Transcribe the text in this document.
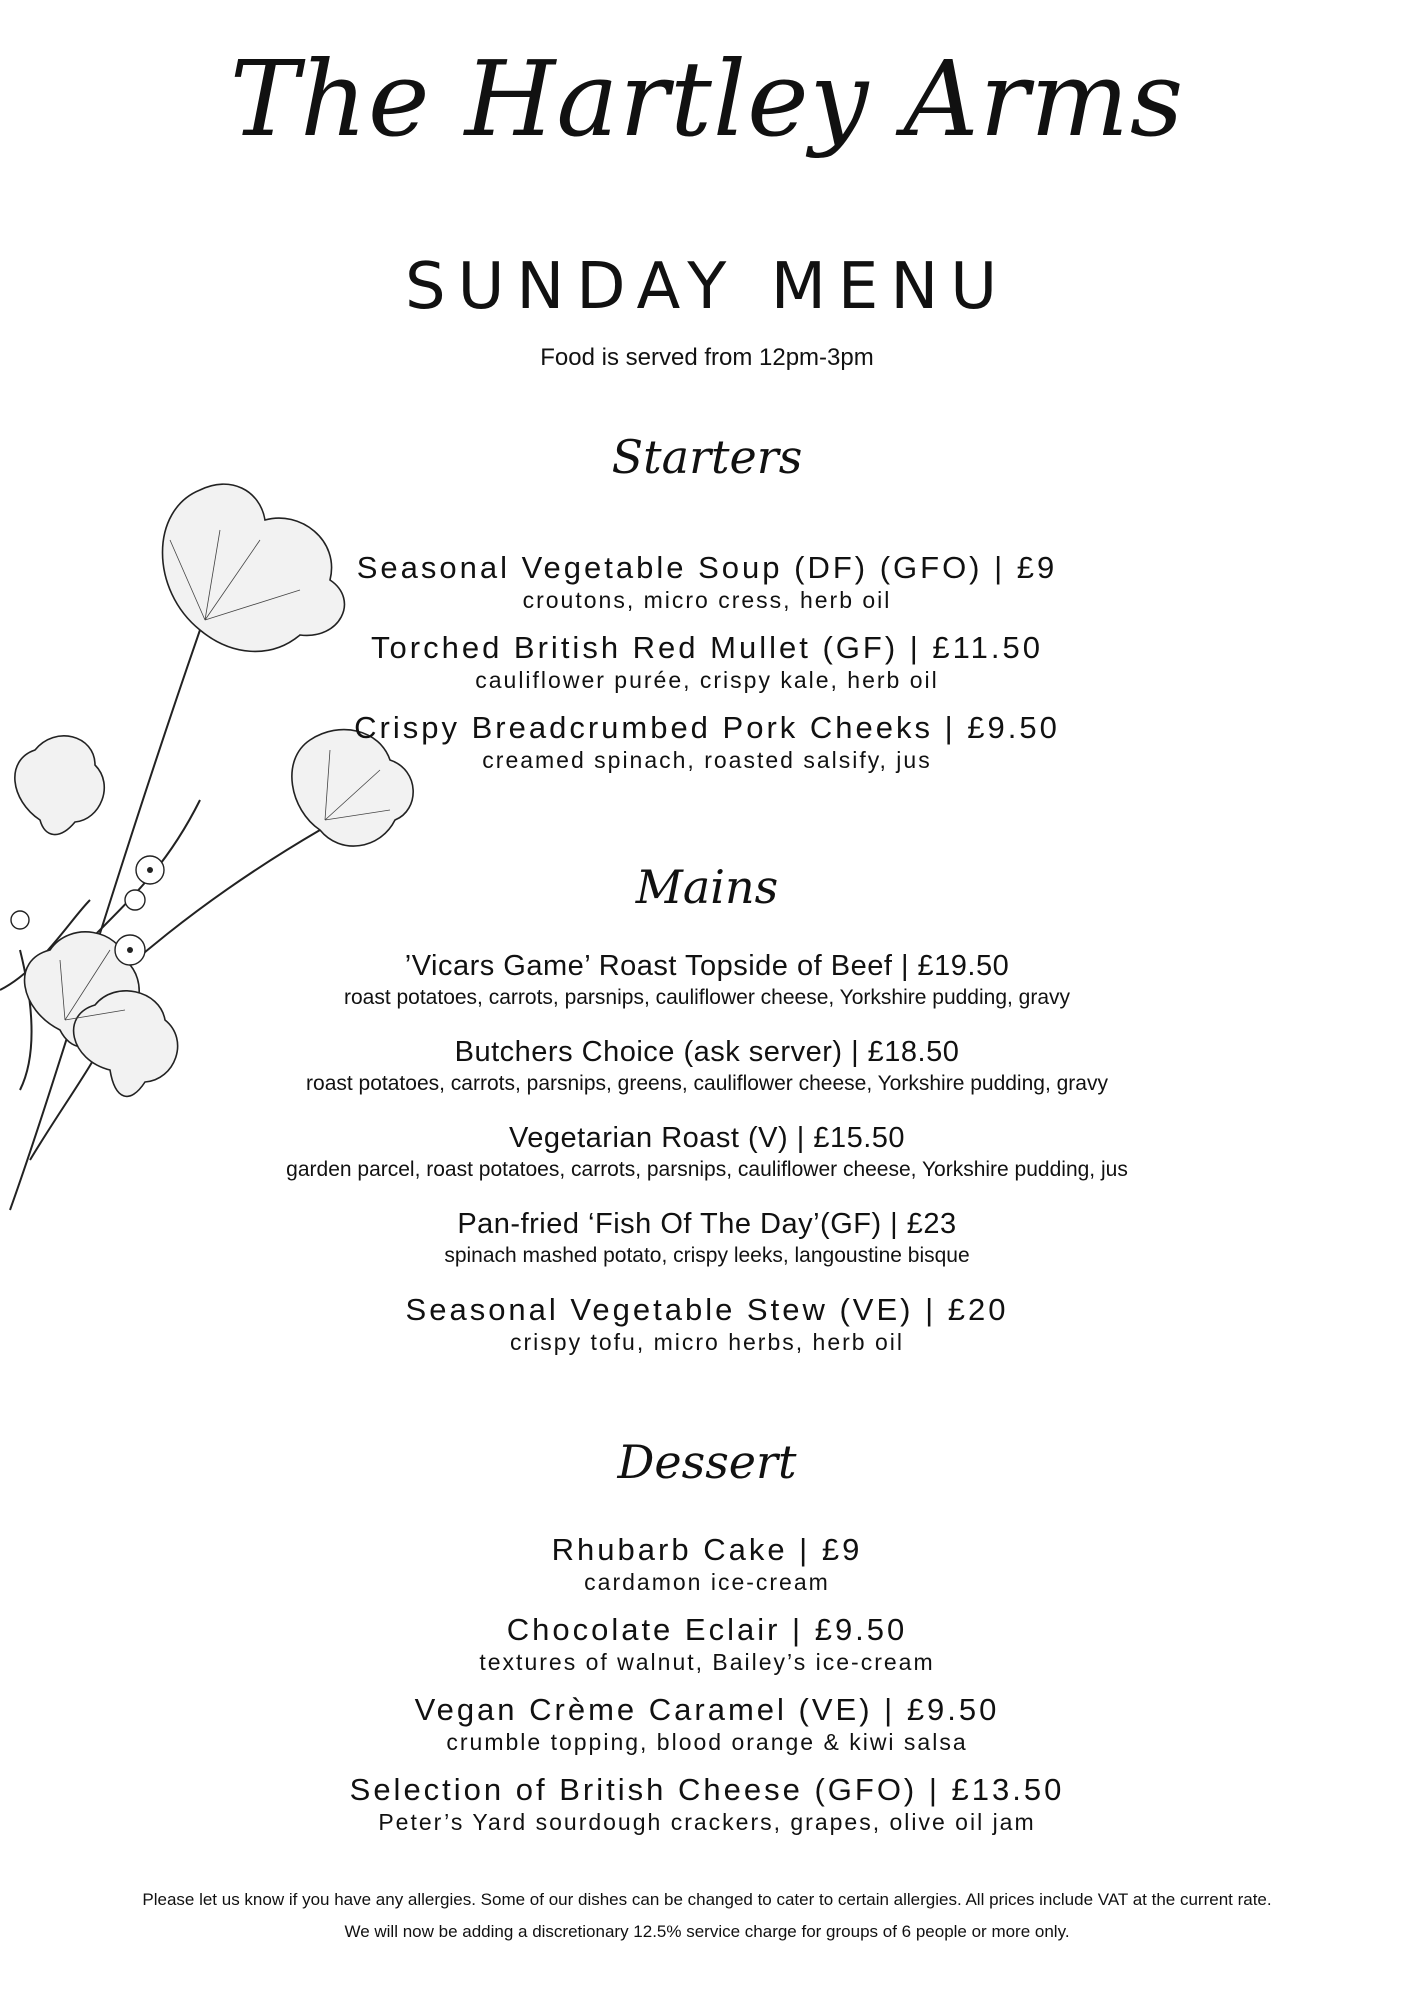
The Hartley Arms
SUNDAY MENU
Food is served from 12pm-3pm
Starters
Seasonal Vegetable Soup (DF) (GFO) | £9
croutons, micro cress, herb oil
Torched British Red Mullet (GF) | £11.50
cauliflower purée, crispy kale, herb oil
Crispy Breadcrumbed Pork Cheeks | £9.50
creamed spinach, roasted salsify, jus
Mains
’Vicars Game’ Roast Topside of Beef | £19.50
roast potatoes, carrots, parsnips, cauliflower cheese, Yorkshire pudding, gravy
Butchers Choice (ask server) | £18.50
roast potatoes, carrots, parsnips, greens, cauliflower cheese, Yorkshire pudding, gravy
Vegetarian Roast (V) | £15.50
garden parcel, roast potatoes, carrots, parsnips, cauliflower cheese, Yorkshire pudding, jus
Pan-fried ‘Fish Of The Day’(GF) | £23
spinach mashed potato, crispy leeks, langoustine bisque
Seasonal Vegetable Stew (VE) | £20
crispy tofu, micro herbs, herb oil
Dessert
Rhubarb Cake | £9
cardamon ice-cream
Chocolate Eclair | £9.50
textures of walnut, Bailey’s ice-cream
Vegan Crème Caramel (VE) | £9.50
crumble topping, blood orange & kiwi salsa
Selection of British Cheese (GFO) | £13.50
Peter’s Yard sourdough crackers, grapes, olive oil jam
Please let us know if you have any allergies. Some of our dishes can be changed to cater to certain allergies. All prices include VAT at the current rate.
We will now be adding a discretionary 12.5% service charge for groups of 6 people or more only.
